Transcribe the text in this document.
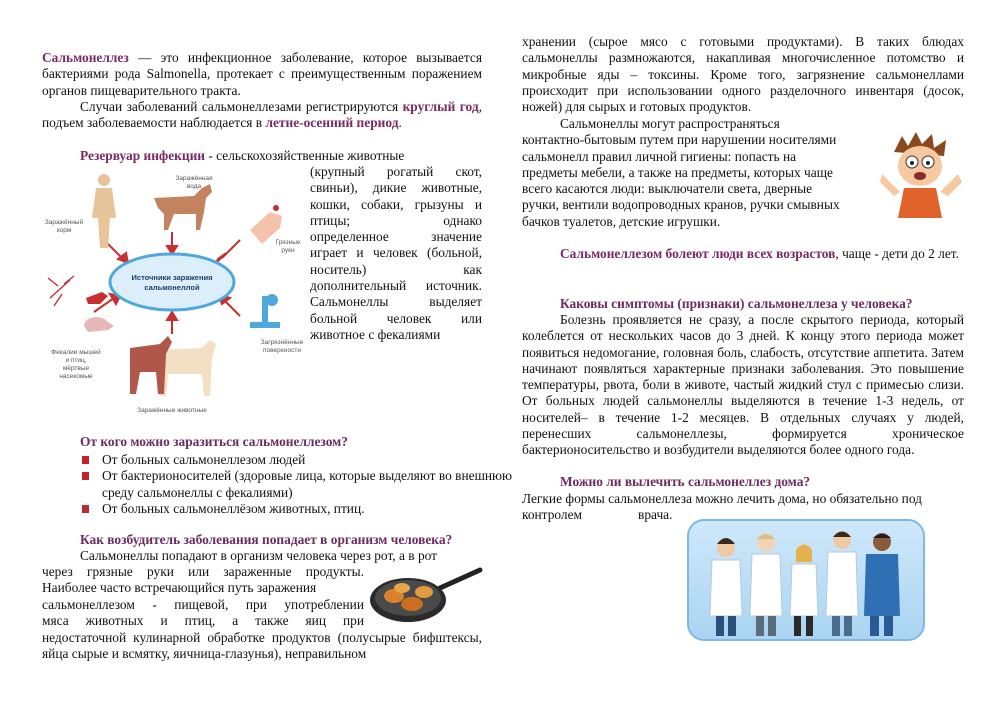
Сальмонеллез — это инфекционное заболевание, которое вызывается бактериями рода Salmonella, протекает с преимущественным поражением органов пищеварительного тракта.

Случаи заболеваний сальмонеллезами регистрируются круглый год, подъем заболеваемости наблюдается в летне-осенний период.

Резервуар инфекции - сельскохозяйственные животные

(крупный рогатый скот,
свиньи), дикие животные,
кошки, собаки, грызуны и
птицы; однако
определенное значение
играет и человек (больной,
носитель) как
дополнительный источник.
Сальмонеллы выделяет
больной человек или
животное с фекалиями
Источники заражения
сальмонеллой
Заражённая
вода
Заражённый
корм
Грязные
руки
Загрязнённые
поверхности
Заражённые животные
Фекалии мышей
и птиц,
мёртвые
насекомые

От кого можно заразиться сальмонеллезом?

От больных сальмонеллезом людей
От бактерионосителей (здоровые лица, которые выделяют во внешнюю среду сальмонеллы с фекалиями)
От больных сальмонеллёзом животных, птиц.

Как возбудитель заболевания попадает в организм человека?

Сальмонеллы попадают в организм человека через рот, а в рот

через грязные руки или зараженные продукты.
Наиболее часто встречающийся путь заражения
сальмонеллезом - пищевой, при употреблении
мяса животных и птиц, а также яиц при

недостаточной кулинарной обработке продуктов (полусырые бифштексы, яйца сырые и всмятку, яичница-глазунья), неправильном

хранении (сырое мясо с готовыми продуктами). В таких блюдах сальмонеллы размножаются, накапливая многочисленное потомство и микробные яды – токсины. Кроме того, загрязнение сальмонеллами происходит при использовании одного разделочного инвентаря (досок, ножей) для сырых и готовых продуктов.

Сальмонеллы могут распространяться
контактно-бытовым путем при нарушении носителями
сальмонелл правил личной гигиены: попасть на
предметы мебели, а также на предметы, которых чаще
всего касаются люди: выключатели света, дверные
ручки, вентили водопроводных кранов, ручки смывных
бачков туалетов, детские игрушки.

Сальмонеллезом болеют люди всех возрастов, чаще - дети до 2 лет.

Каковы симптомы (признаки) сальмонеллеза у человека?

Болезнь проявляется не сразу, а после скрытого периода, который колеблется от нескольких часов до 3 дней. К концу этого периода может появиться недомогание, головная боль, слабость, отсутствие аппетита. Затем начинают появляться характерные признаки заболевания. Это повышение температуры, рвота, боли в животе, частый жидкий стул с примесью слизи. От больных людей сальмонеллы выделяются в течение 1-3 недель, от носителей– в течение 1-2 месяцев. В отдельных случаях у людей, перенесших сальмонеллезы, формируется хроническое бактерионосительство и возбудители выделяются более одного года.

Можно ли вылечить сальмонеллез дома?

Легкие формы сальмонеллеза можно лечить дома, но обязательно под

контролем	врача.
